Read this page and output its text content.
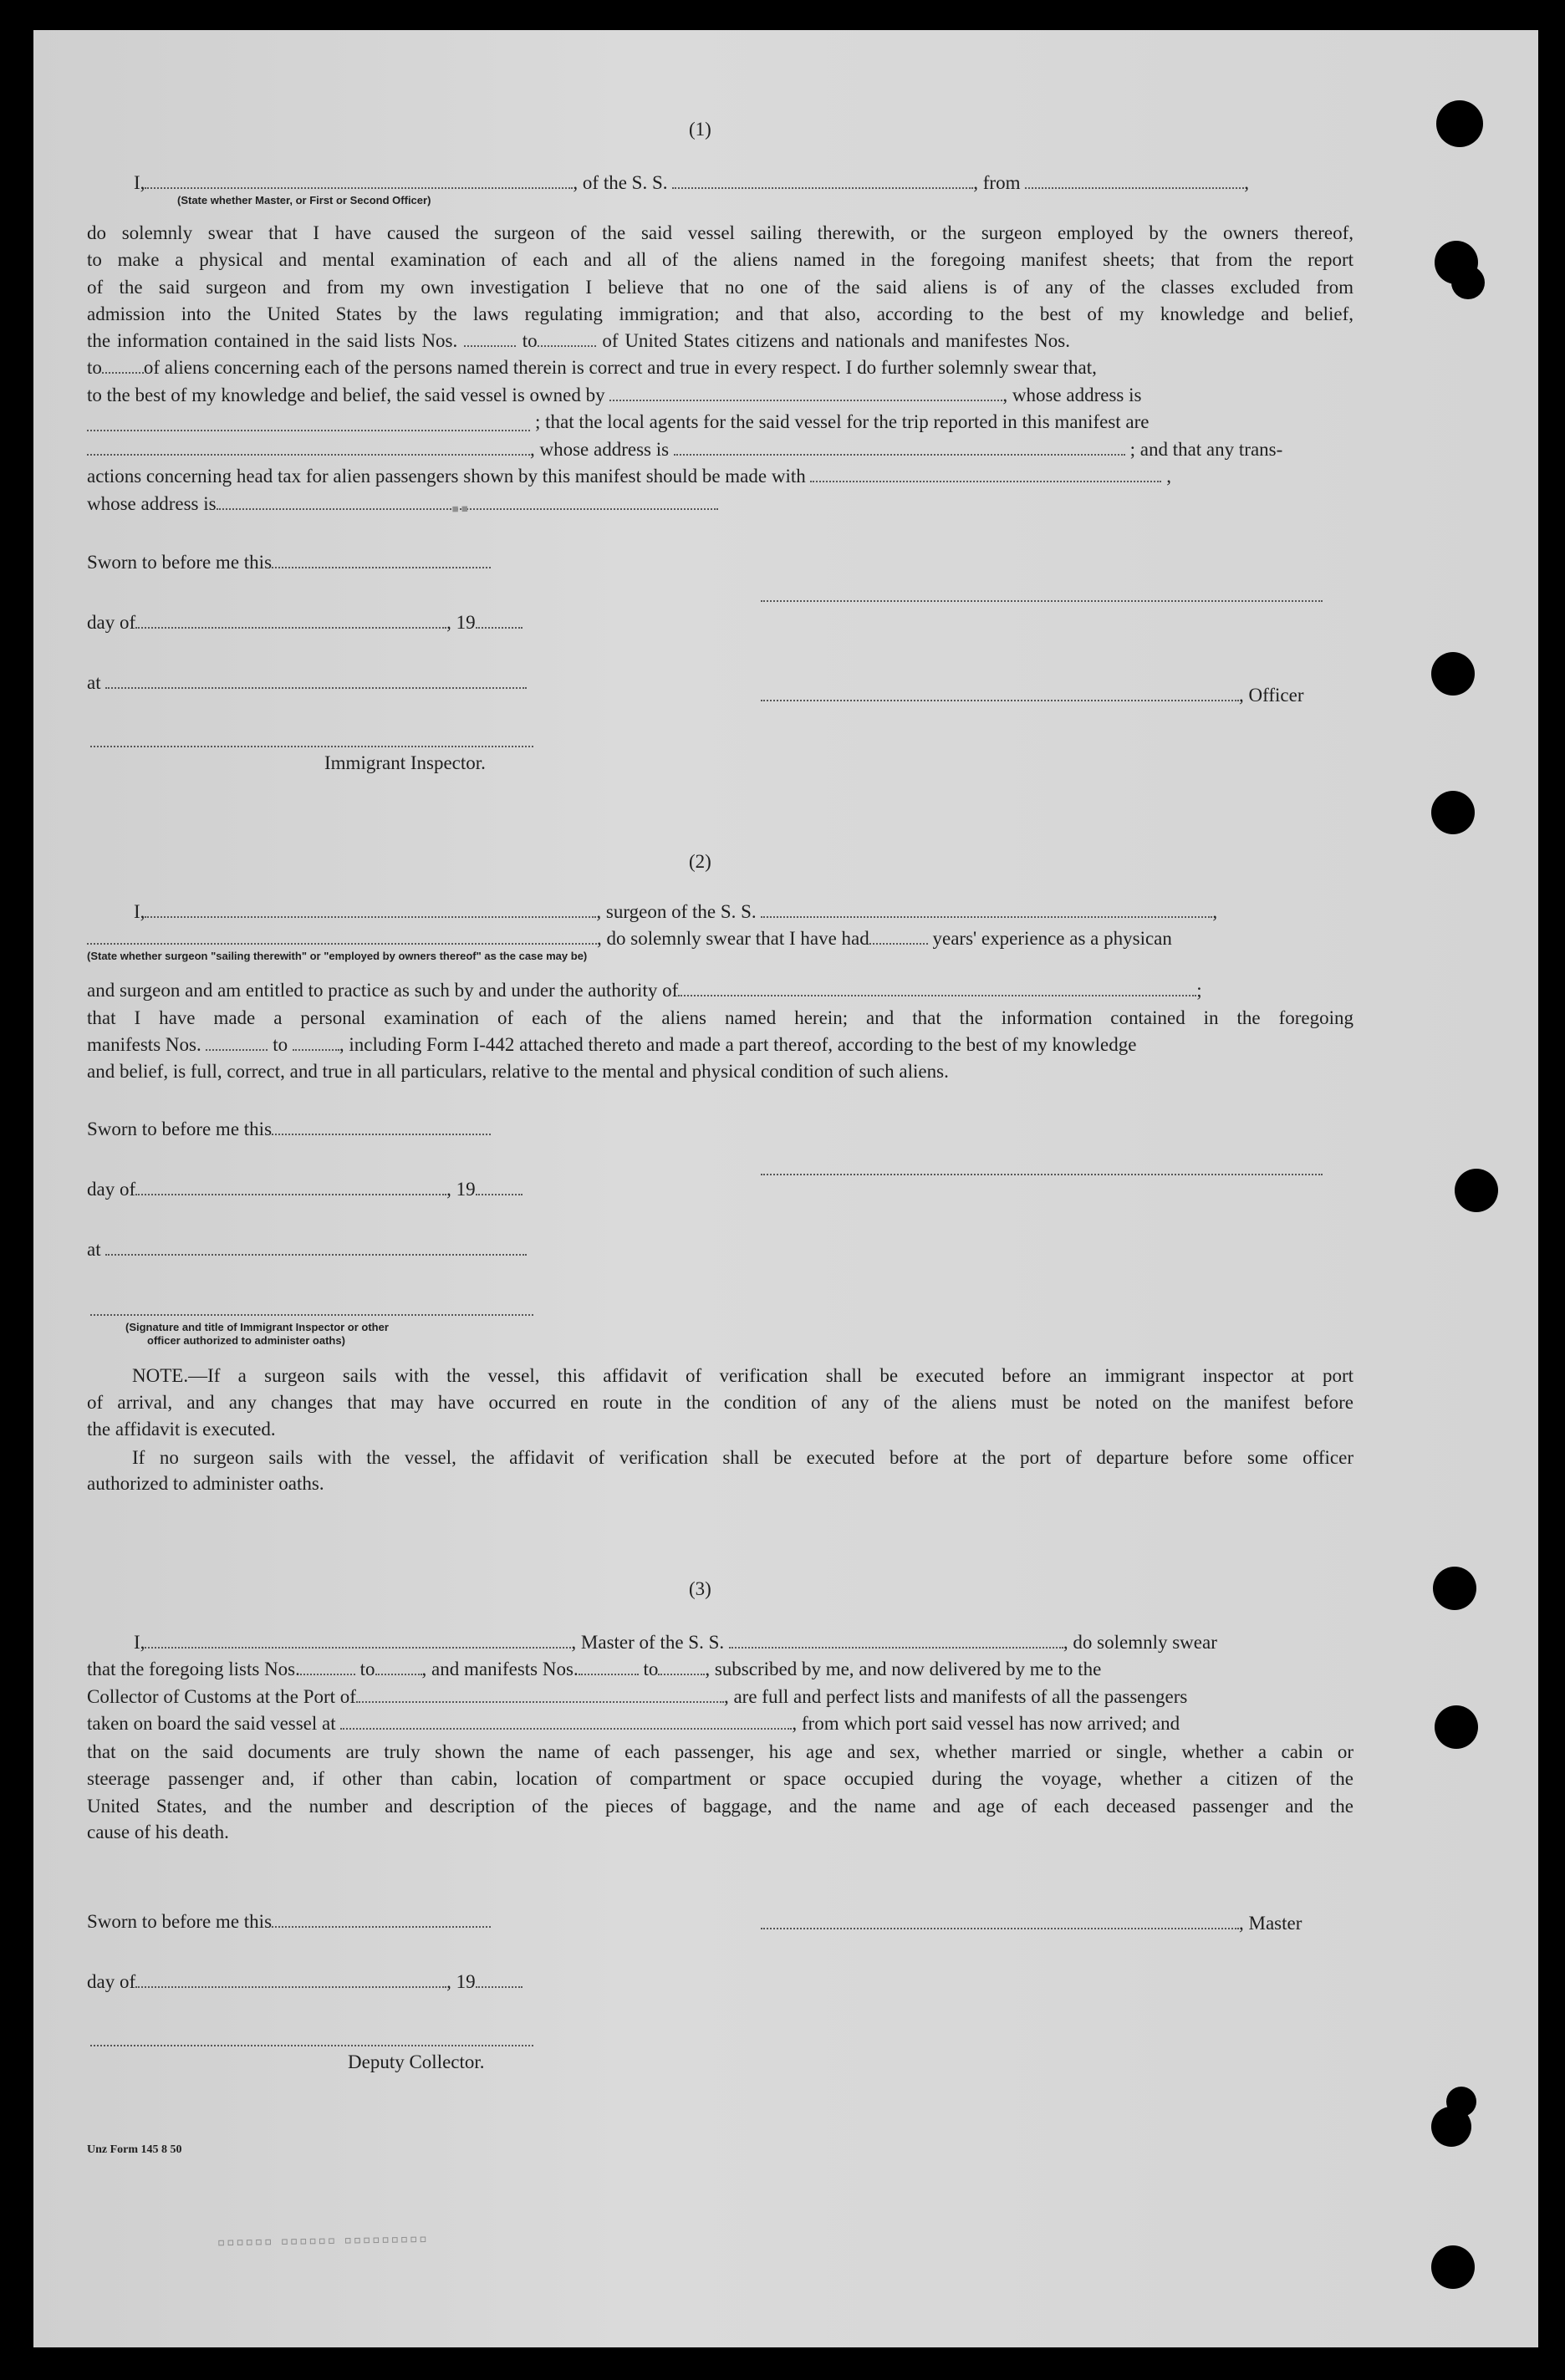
(1)
I,	, of the S. S.	, from	,
(State whether Master, or First or Second Officer)
do solemnly swear that I have caused the surgeon of the said vessel sailing therewith, or the surgeon employed by the owners thereof,
to make a physical and mental examination of each and all of the aliens named in the foregoing manifest sheets; that from the report
of the said surgeon and from my own investigation I believe that no one of the said aliens is of any of the classes excluded from
admission into the United States by the laws regulating immigration; and that also, according to the best of my knowledge and belief,
the information contained in the said lists Nos.	to	of United States citizens and nationals and manifestes Nos.
to of aliens concerning each of the persons named therein is correct and true in every respect. I do further solemnly swear that,
to the best of my knowledge and belief, the said vessel is owned by	, whose address is
; that the local agents for the said vessel for the trip reported in this manifest are
, whose address is	; and that any trans-
actions concerning head tax for alien passengers shown by this manifest should be made with	,
whose address is	▪▪
Sworn to before me this
day of	, 19
at
, Officer
Immigrant Inspector.
(2)
I,	, surgeon of the S. S.	,
, do solemnly swear that I have had	years' experience as a physican
(State whether surgeon "sailing therewith" or "employed by owners thereof" as the case may be)
and surgeon and am entitled to practice as such by and under the authority of	;
that I have made a personal examination of each of the aliens named herein; and that the information contained in the foregoing
manifests Nos.	to	, including Form I-442 attached thereto and made a part thereof, according to the best of my knowledge
and belief, is full, correct, and true in all particulars, relative to the mental and physical condition of such aliens.
Sworn to before me this
day of	, 19
at
(Signature and title of Immigrant Inspector or other
officer authorized to administer oaths)
NOTE.—If a surgeon sails with the vessel, this affidavit of verification shall be executed before an immigrant inspector at port
of arrival, and any changes that may have occurred en route in the condition of any of the aliens must be noted on the manifest before
the affidavit is executed.
If no surgeon sails with the vessel, the affidavit of verification shall be executed before at the port of departure before some officer
authorized to administer oaths.
(3)
I,	, Master of the S. S.	, do solemnly swear
that the foregoing lists Nos.	to , and manifests Nos.	to , subscribed by me, and now delivered by me to the
Collector of Customs at the Port of	, are full and perfect lists and manifests of all the passengers
taken on board the said vessel at	, from which port said vessel has now arrived; and
that on the said documents are truly shown the name of each passenger, his age and sex, whether married or single, whether a cabin or
steerage passenger and, if other than cabin, location of compartment or space occupied during the voyage, whether a citizen of the
United States, and the number and description of the pieces of baggage, and the name and age of each deceased passenger and the
cause of his death.
Sworn to before me this	, Master
day of	, 19
Deputy Collector.
Unz Form 145 8 50
▫▫▫▫▫▫ ▫▫▫▫▫▫ ▫▫▫▫▫▫▫▫▫
